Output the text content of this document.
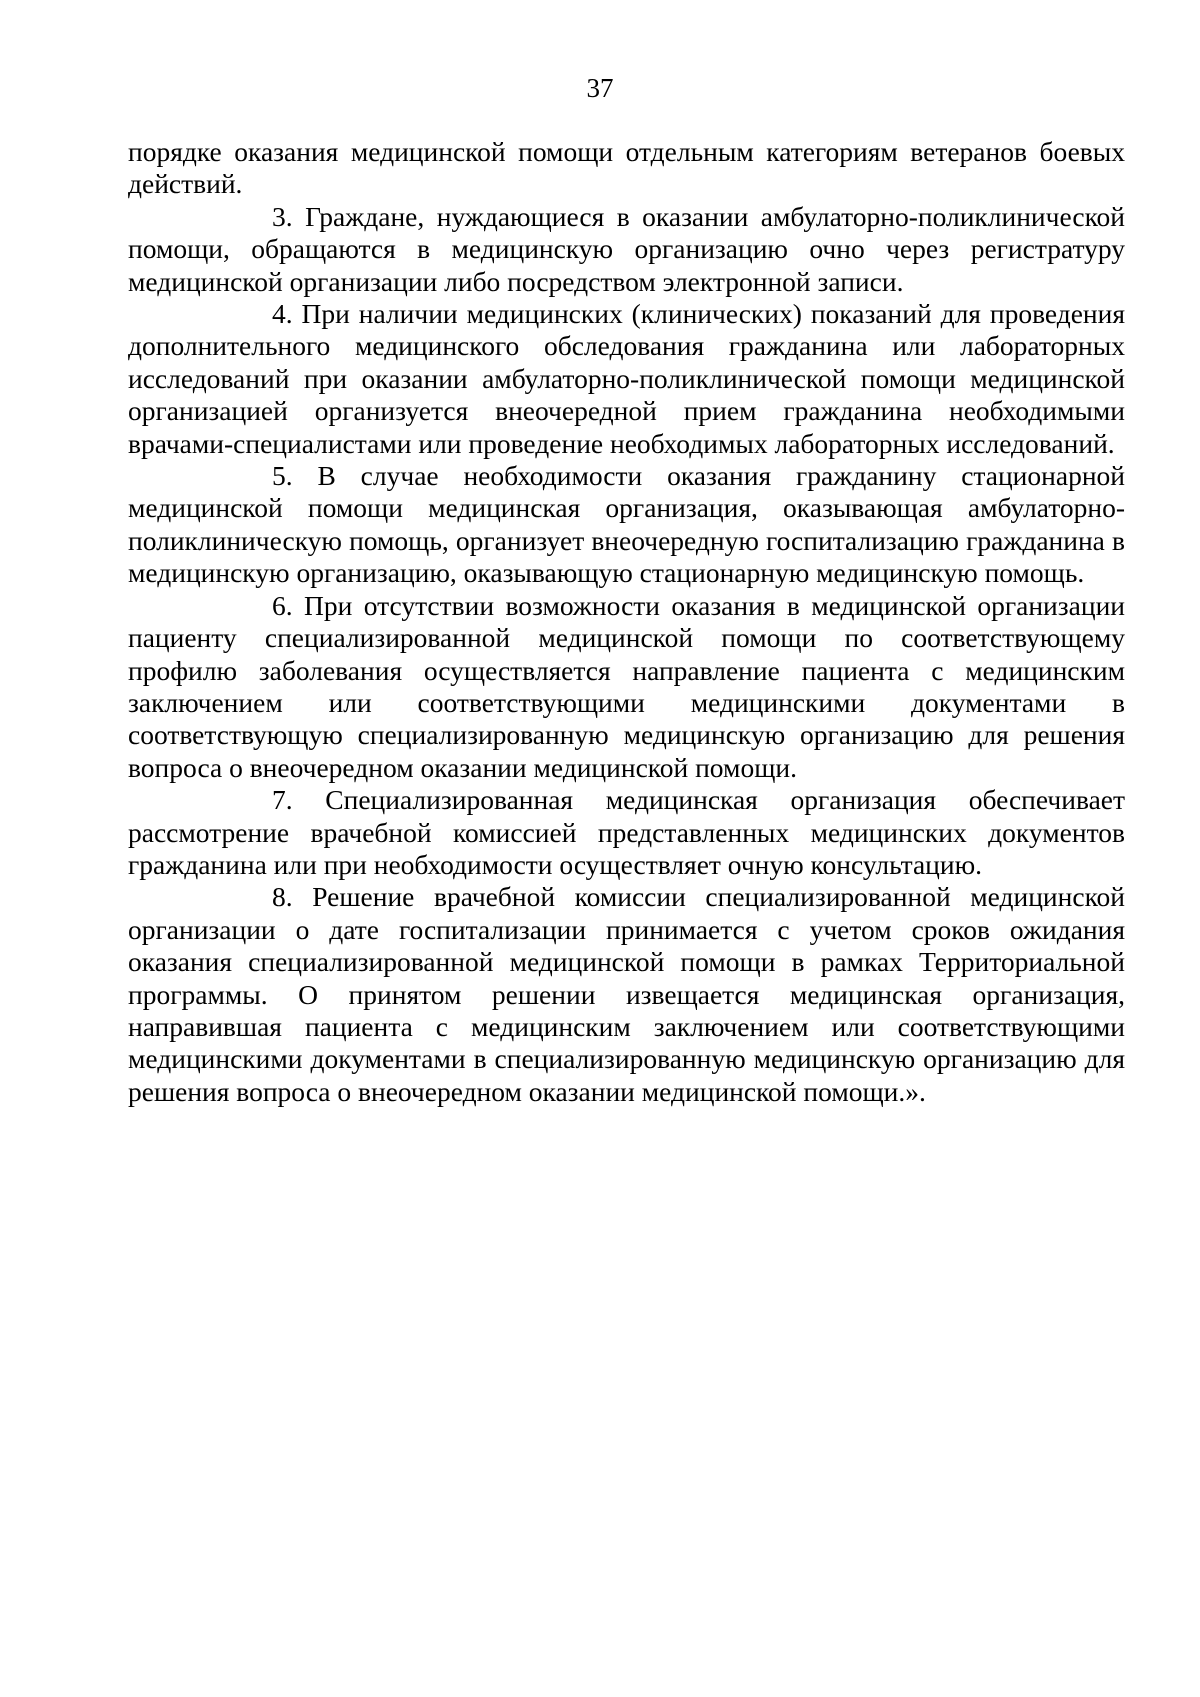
37

порядке оказания медицинской помощи отдельным категориям ветеранов боевых действий.

3. Граждане, нуждающиеся в оказании амбулаторно-поликлинической помощи, обращаются в медицинскую организацию очно через регистратуру медицинской организации либо посредством электронной записи.

4. При наличии медицинских (клинических) показаний для проведения дополнительного медицинского обследования гражданина или лабораторных исследований при оказании амбулаторно-поликлинической помощи медицинской организацией организуется внеочередной прием гражданина необходимыми врачами-специалистами или проведение необходимых лабораторных исследований.

5. В случае необходимости оказания гражданину стационарной медицинской помощи медицинская организация, оказывающая амбулаторно-поликлиническую помощь, организует внеочередную госпитализацию гражданина в медицинскую организацию, оказывающую стационарную медицинскую помощь.

6. При отсутствии возможности оказания в медицинской организации пациенту специализированной медицинской помощи по соответствующему профилю заболевания осуществляется направление пациента с медицинским заключением или соответствующими медицинскими документами в соответствующую специализированную медицинскую организацию для решения вопроса о внеочередном оказании медицинской помощи.

7. Специализированная медицинская организация обеспечивает рассмотрение врачебной комиссией представленных медицинских документов гражданина или при необходимости осуществляет очную консультацию.

8. Решение врачебной комиссии специализированной медицинской организации о дате госпитализации принимается с учетом сроков ожидания оказания специализированной медицинской помощи в рамках Территориальной программы. О принятом решении извещается медицинская организация, направившая пациента с медицинским заключением или соответствующими медицинскими документами в специализированную медицинскую организацию для решения вопроса о внеочередном оказании медицинской помощи.».
